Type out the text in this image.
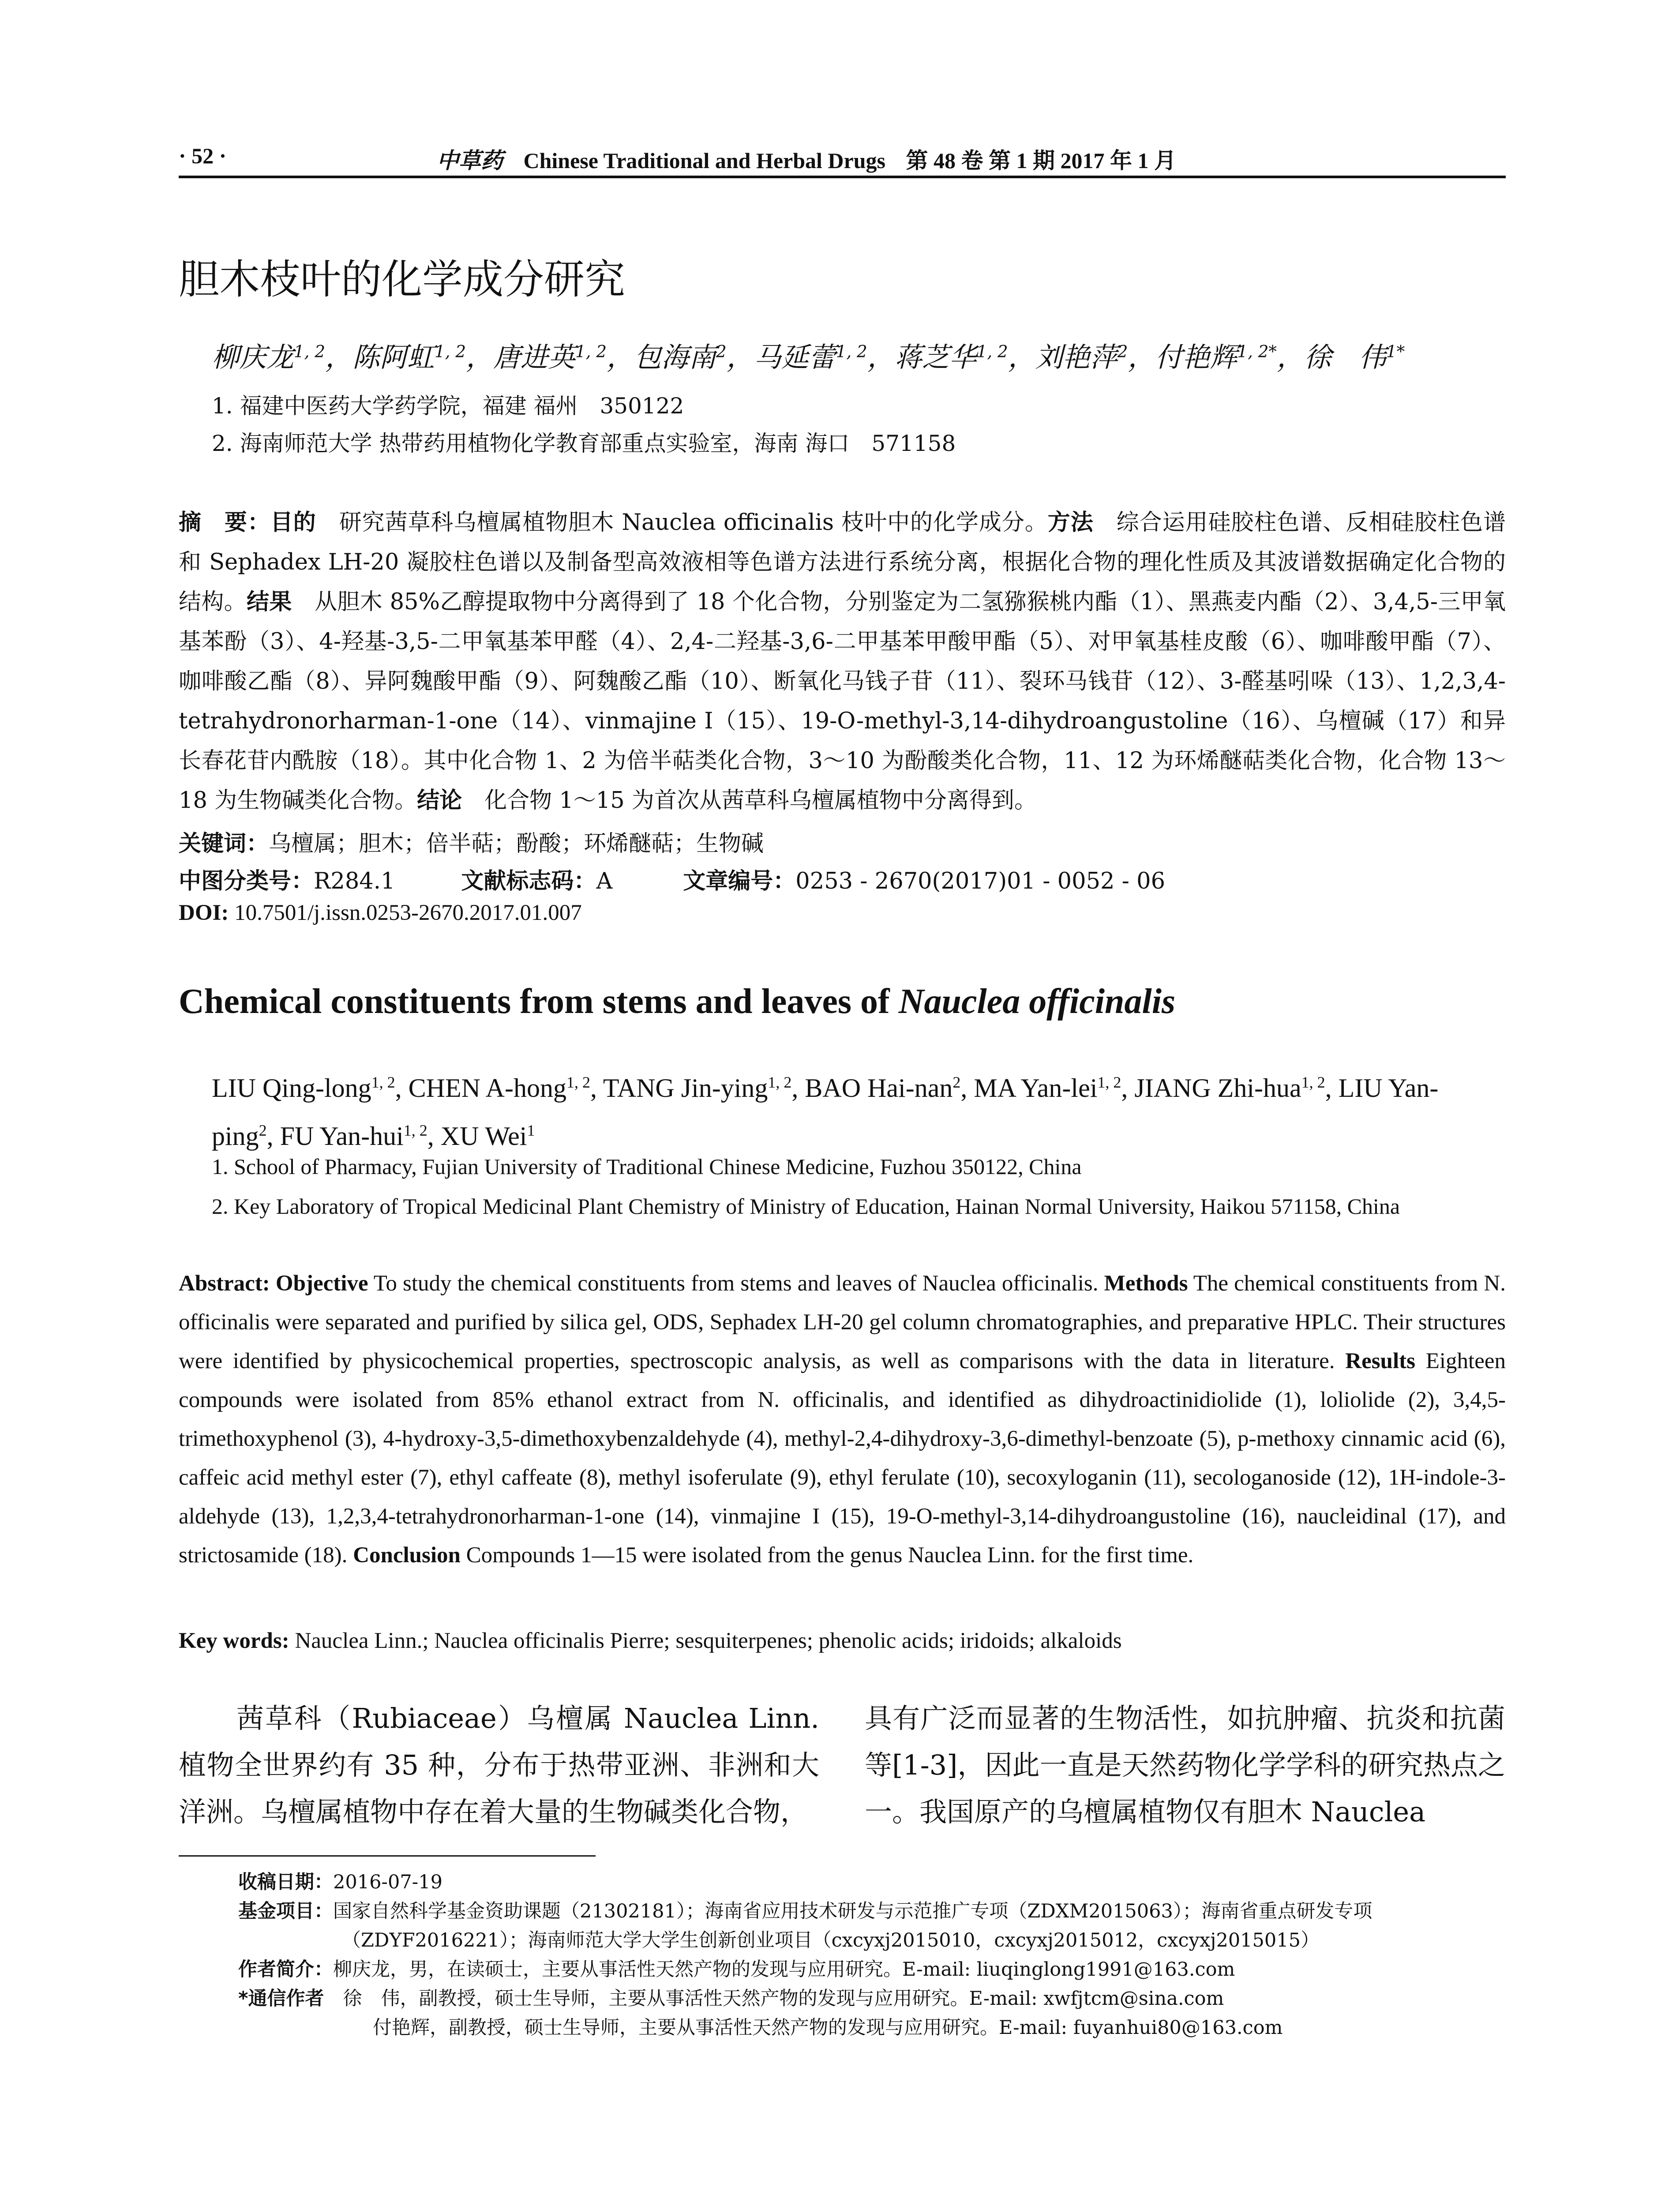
· 52 ·	中草药 Chinese Traditional and Herbal Drugs 第 48 卷 第 1 期 2017 年 1 月
胆木枝叶的化学成分研究
柳庆龙$^{1, 2}$，陈阿虹$^{1, 2}$，唐进英$^{1, 2}$，包海南$^2$，马延蕾$^{1, 2}$，蒋芝华$^{1, 2}$，刘艳萍$^2$，付艳辉$^{1, 2*}$，徐　伟$^{1*}$
1. 福建中医药大学药学院，福建 福州　350122
2. 海南师范大学 热带药用植物化学教育部重点实验室，海南 海口　571158
摘　要：目的　研究茜草科乌檀属植物胆木 Nauclea officinalis 枝叶中的化学成分。方法　综合运用硅胶柱色谱、反相硅胶柱色谱和 Sephadex LH-20 凝胶柱色谱以及制备型高效液相等色谱方法进行系统分离，根据化合物的理化性质及其波谱数据确定化合物的结构。结果　从胆木 85%乙醇提取物中分离得到了 18 个化合物，分别鉴定为二氢猕猴桃内酯（1）、黑燕麦内酯（2）、3,4,5-三甲氧基苯酚（3）、4-羟基-3,5-二甲氧基苯甲醛（4）、2,4-二羟基-3,6-二甲基苯甲酸甲酯（5）、对甲氧基桂皮酸（6）、咖啡酸甲酯（7）、咖啡酸乙酯（8）、异阿魏酸甲酯（9）、阿魏酸乙酯（10）、断氧化马钱子苷（11）、裂环马钱苷（12）、3-醛基吲哚（13）、1,2,3,4-tetrahydronorharman-1-one（14）、vinmajine I（15）、19-O-methyl-3,14-dihydroangustoline（16）、乌檀碱（17）和异长春花苷内酰胺（18）。其中化合物 1、2 为倍半萜类化合物，3～10 为酚酸类化合物，11、12 为环烯醚萜类化合物，化合物 13～18 为生物碱类化合物。结论　化合物 1～15 为首次从茜草科乌檀属植物中分离得到。
关键词：乌檀属；胆木；倍半萜；酚酸；环烯醚萜；生物碱
中图分类号：R284.1	文献标志码：A	文章编号：0253 - 2670(2017)01 - 0052 - 06
DOI: 10.7501/j.issn.0253-2670.2017.01.007
Chemical constituents from stems and leaves of Nauclea officinalis
LIU Qing-long$^{1, 2}$, CHEN A-hong$^{1, 2}$, TANG Jin-ying$^{1, 2}$, BAO Hai-nan$^2$, MA Yan-lei$^{1, 2}$, JIANG Zhi-hua$^{1, 2}$, LIU Yan-ping$^2$, FU Yan-hui$^{1, 2}$, XU Wei$^1$
1. School of Pharmacy, Fujian University of Traditional Chinese Medicine, Fuzhou 350122, China
2. Key Laboratory of Tropical Medicinal Plant Chemistry of Ministry of Education, Hainan Normal University, Haikou 571158, China
Abstract: Objective To study the chemical constituents from stems and leaves of Nauclea officinalis. Methods The chemical constituents from N. officinalis were separated and purified by silica gel, ODS, Sephadex LH-20 gel column chromatographies, and preparative HPLC. Their structures were identified by physicochemical properties, spectroscopic analysis, as well as comparisons with the data in literature. Results Eighteen compounds were isolated from 85% ethanol extract from N. officinalis, and identified as dihydroactinidiolide (1), loliolide (2), 3,4,5-trimethoxyphenol (3), 4-hydroxy-3,5-dimethoxybenzaldehyde (4), methyl-2,4-dihydroxy-3,6-dimethyl-benzoate (5), p-methoxy cinnamic acid (6), caffeic acid methyl ester (7), ethyl caffeate (8), methyl isoferulate (9), ethyl ferulate (10), secoxyloganin (11), secologanoside (12), 1H-indole-3-aldehyde (13), 1,2,3,4-tetrahydronorharman-1-one (14), vinmajine I (15), 19-O-methyl-3,14-dihydroangustoline (16), naucleidinal (17), and strictosamide (18). Conclusion Compounds 1—15 were isolated from the genus Nauclea Linn. for the first time.
Key words: Nauclea Linn.; Nauclea officinalis Pierre; sesquiterpenes; phenolic acids; iridoids; alkaloids
　　茜草科（Rubiaceae）乌檀属 Nauclea Linn. 植物全世界约有 35 种，分布于热带亚洲、非洲和大洋洲。乌檀属植物中存在着大量的生物碱类化合物，
具有广泛而显著的生物活性，如抗肿瘤、抗炎和抗菌等[1-3]，因此一直是天然药物化学学科的研究热点之一。我国原产的乌檀属植物仅有胆木 Nauclea
收稿日期：2016-07-19
基金项目：国家自然科学基金资助课题（21302181）；海南省应用技术研发与示范推广专项（ZDXM2015063）；海南省重点研发专项
（ZDYF2016221）；海南师范大学大学生创新创业项目（cxcyxj2015010，cxcyxj2015012，cxcyxj2015015）
作者简介：柳庆龙，男，在读硕士，主要从事活性天然产物的发现与应用研究。E-mail: liuqinglong1991@163.com
*通信作者　徐　伟，副教授，硕士生导师，主要从事活性天然产物的发现与应用研究。E-mail: xwfjtcm@sina.com
付艳辉，副教授，硕士生导师，主要从事活性天然产物的发现与应用研究。E-mail: fuyanhui80@163.com
